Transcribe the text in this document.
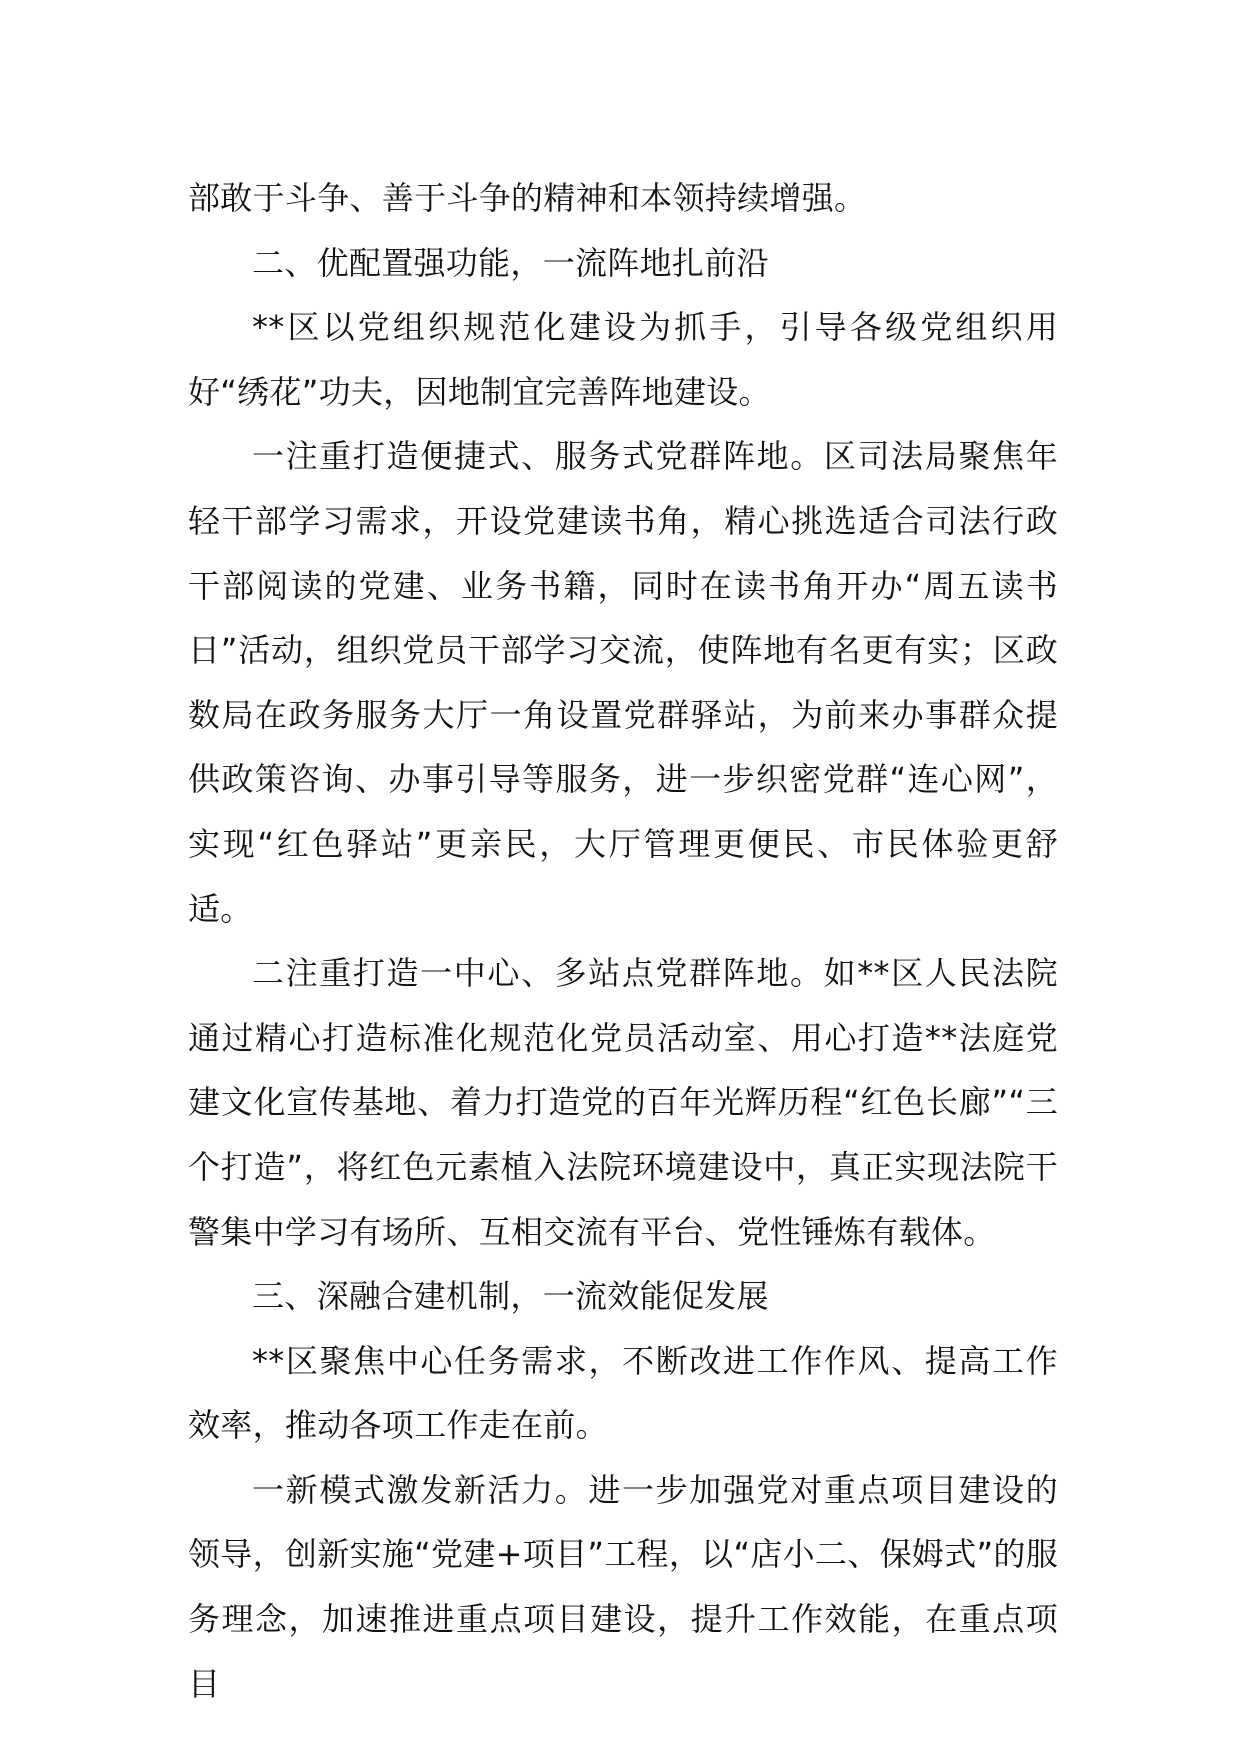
部敢于斗争、善于斗争的精神和本领持续增强。

二、优配置强功能，一流阵地扎前沿

**区以党组织规范化建设为抓手，引导各级党组织用好“绣花”功夫，因地制宜完善阵地建设。

一注重打造便捷式、服务式党群阵地。区司法局聚焦年轻干部学习需求，开设党建读书角，精心挑选适合司法行政干部阅读的党建、业务书籍，同时在读书角开办“周五读书日”活动，组织党员干部学习交流，使阵地有名更有实；区政数局在政务服务大厅一角设置党群驿站，为前来办事群众提供政策咨询、办事引导等服务，进一步织密党群“连心网”，实现“红色驿站”更亲民，大厅管理更便民、市民体验更舒适。

二注重打造一中心、多站点党群阵地。如**区人民法院通过精心打造标准化规范化党员活动室、用心打造**法庭党建文化宣传基地、着力打造党的百年光辉历程“红色长廊”“三个打造”，将红色元素植入法院环境建设中，真正实现法院干警集中学习有场所、互相交流有平台、党性锤炼有载体。

三、深融合建机制，一流效能促发展

**区聚焦中心任务需求，不断改进工作作风、提高工作效率，推动各项工作走在前。

一新模式激发新活力。进一步加强党对重点项目建设的领导，创新实施“党建+项目”工程，以“店小二、保姆式”的服务理念，加速推进重点项目建设，提升工作效能，在重点项目
